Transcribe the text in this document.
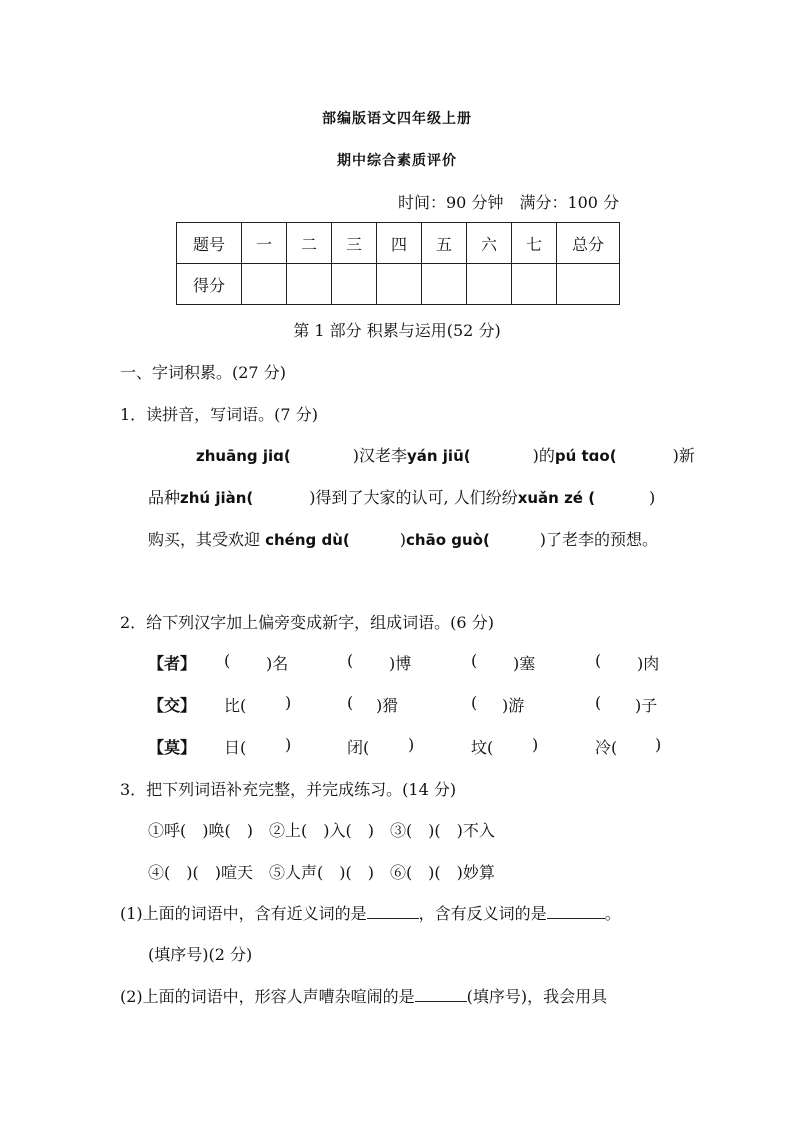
部编版语文四年级上册
期中综合素质评价
时间：90 分钟　满分：100 分
题号	一	二	三	四	五	六	七	总分
得分								
第 1 部分 积累与运用(52 分)
一、字词积累。(27 分)
1．读拼音，写词语。(7 分)
zhuāng jiɑ(	)汉老李yán jiū(	)的pú tɑo(	)新
品种zhú jiàn(	)得到了大家的认可, 人们纷纷xuǎn zé (	)
购买，其受欢迎 chéng dù(	)chāo guò(	)了老李的预想。
2．给下列汉字加上偏旁变成新字，组成词语。(6 分)
【者】 ( )名	( )博	( )塞	( )肉
【交】 比( )	( )猾	( )游	( )子
【莫】 日( )	闭( )	坟( )	冷( )
3．把下列词语补充完整，并完成练习。(14 分)
①呼(　)唤(　)　②上(　)入(　)　③(　)(　)不入
④(　)(　)喧天　⑤人声(　)(　)　⑥(　)(　)妙算
(1)上面的词语中，含有近义词的是	，含有反义词的是	。
(填序号)(2 分)
(2)上面的词语中，形容人声嘈杂喧闹的是	(填序号)，我会用具
